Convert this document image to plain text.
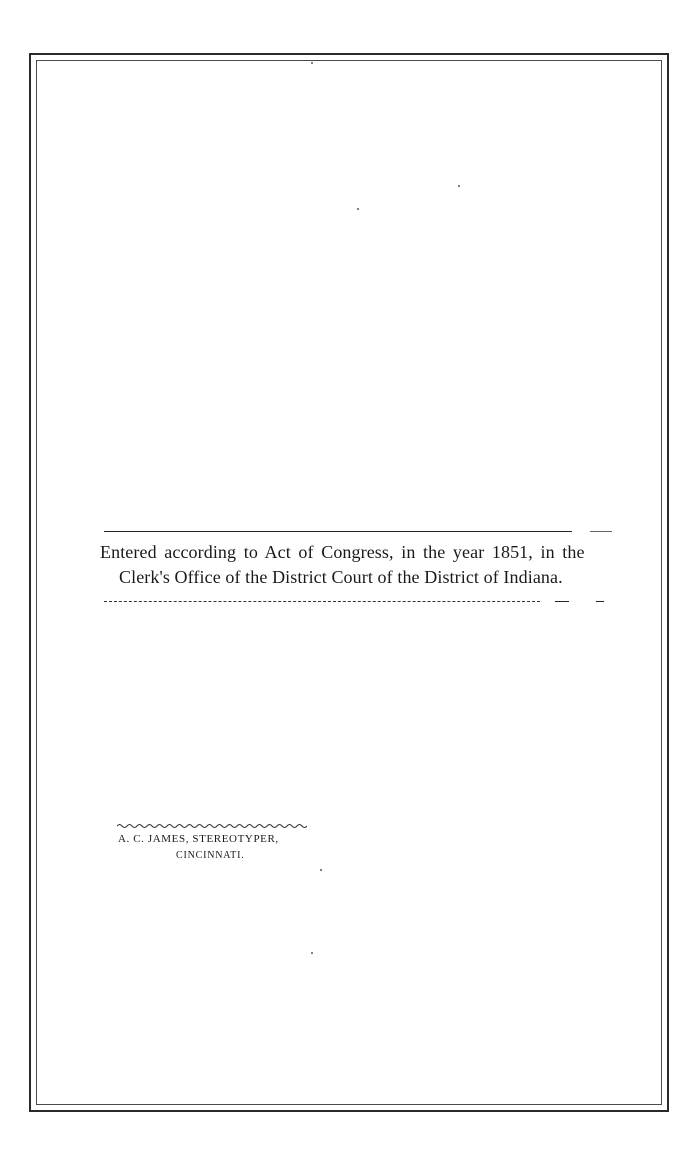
Entered according to Act of Congress, in the year 1851, in the
Clerk's Office of the District Court of the District of Indiana.
A. C. JAMES, STEREOTYPER,
CINCINNATI.
